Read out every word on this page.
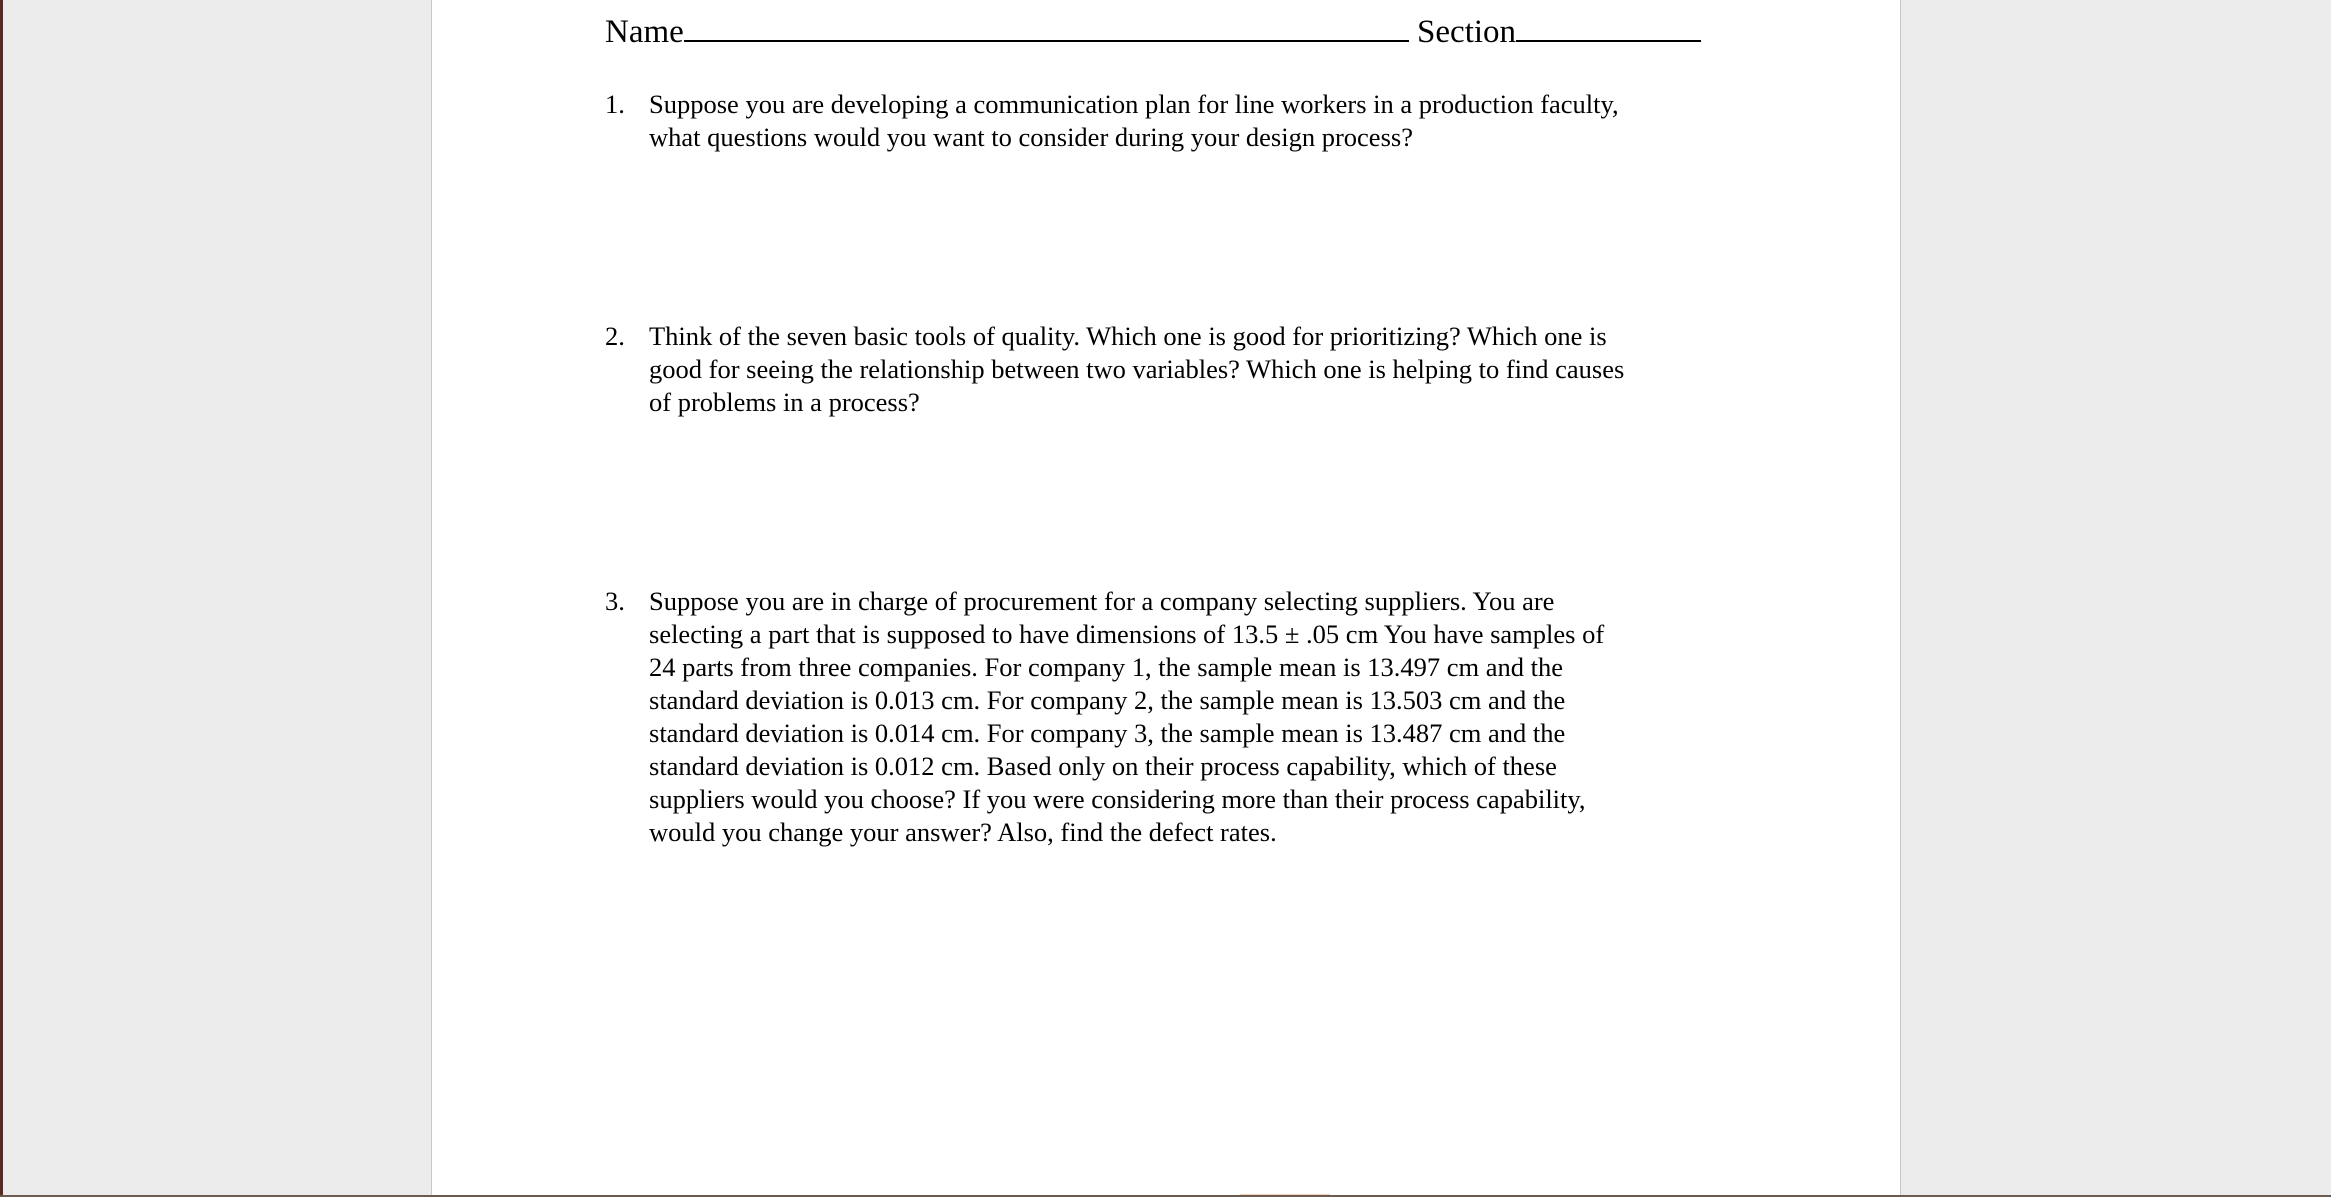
Name	Section
1. Suppose you are developing a communication plan for line workers in a production faculty,
what questions would you want to consider during your design process?
2. Think of the seven basic tools of quality. Which one is good for prioritizing? Which one is
good for seeing the relationship between two variables? Which one is helping to find causes
of problems in a process?
3. Suppose you are in charge of procurement for a company selecting suppliers. You are
selecting a part that is supposed to have dimensions of 13.5 ± .05 cm You have samples of
24 parts from three companies. For company 1, the sample mean is 13.497 cm and the
standard deviation is 0.013 cm. For company 2, the sample mean is 13.503 cm and the
standard deviation is 0.014 cm. For company 3, the sample mean is 13.487 cm and the
standard deviation is 0.012 cm. Based only on their process capability, which of these
suppliers would you choose? If you were considering more than their process capability,
would you change your answer? Also, find the defect rates.
